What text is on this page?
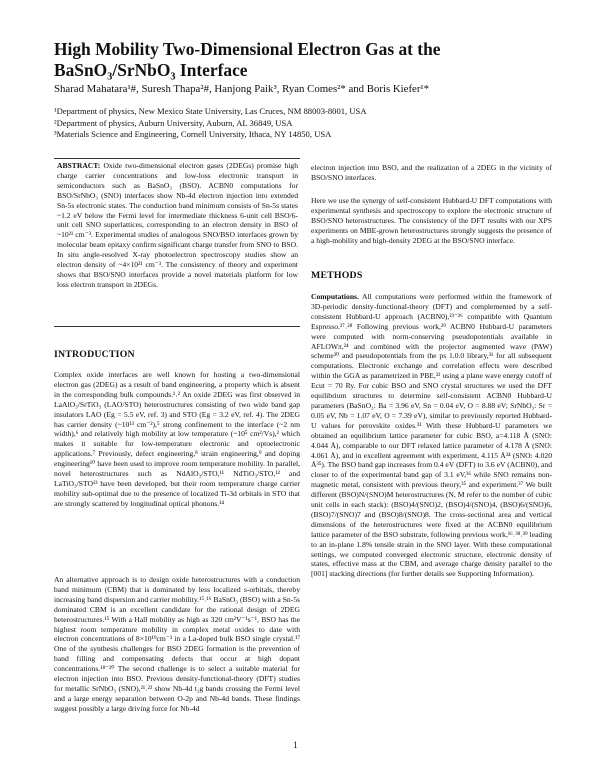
High Mobility Two-Dimensional Electron Gas at the BaSnO₃/SrNbO₃ Interface
Sharad Mahatara¹#, Suresh Thapa²#, Hanjong Paik³, Ryan Comes²* and Boris Kiefer¹*
¹Department of physics, New Mexico State University, Las Cruces, NM 88003-8001, USA
²Department of physics, Auburn University, Auburn, AL 36849, USA
³Materials Science and Engineering, Cornell University, Ithaca, NY 14850, USA
ABSTRACT: Oxide two-dimensional electron gases (2DEGs) promise high charge carrier concentrations and low-loss electronic transport in semiconductors such as BaSnO₃ (BSO). ACBN0 computations for BSO/SrNbO₃ (SNO) interfaces show Nb-4d electron injection into extended Sn-5s electronic states. The conduction band minimum consists of Sn-5s states ~1.2 eV below the Fermi level for intermediate thickness 6-unit cell BSO/6-unit cell SNO superlattices, corresponding to an electron density in BSO of ~10²¹ cm⁻³. Experimental studies of analogous SNO/BSO interfaces grown by molecular beam epitaxy confirm significant charge transfer from SNO to BSO. In situ angle-resolved X-ray photoelectron spectroscopy studies show an electron density of ~4×10²¹ cm⁻³. The consistency of theory and experiment shows that BSO/SNO interfaces provide a novel materials platform for low loss electron transport in 2DEGs.
INTRODUCTION
Complex oxide interfaces are well known for hosting a two-dimensional electron gas (2DEG) as a result of band engineering, a property which is absent in the corresponding bulk compounds.¹˒² An oxide 2DEG was first observed in LaAlO₃/SrTiO₃ (LAO/STO) heterostructures consisting of two wide band gap insulators LAO (Eg = 5.5 eV, ref. 3) and STO (Eg = 3.2 eV, ref. 4). The 2DEG has carrier density (~10¹³ cm⁻²),⁵ strong confinement to the interface (~2 nm width),⁶ and relatively high mobility at low temperature (~10⁵ cm²/Vs),² which makes it suitable for low-temperature electronic and optoelectronic applications.⁷ Previously, defect engineering,⁸ strain engineering,⁹ and doping engineering¹⁰ have been used to improve room temperature mobility. In parallel, novel heterostructures such as NdAlO₃/STO,¹¹ NdTiO₃/STO,¹² and LaTiO₃/STO¹³ have been developed, but their room temperature charge carrier mobility sub-optimal due to the presence of localized Ti-3d orbitals in STO that are strongly scattered by longitudinal optical phonons.¹⁴
An alternative approach is to design oxide heterostructures with a conduction band minimum (CBM) that is dominated by less localized s-orbitals, thereby increasing band dispersion and carrier mobility.¹⁵˒¹⁶ BaSnO₃ (BSO) with a Sn-5s dominated CBM is an excellent candidate for the rational design of 2DEG heterostructures.¹⁵ With a Hall mobility as high as 320 cm²V⁻¹s⁻¹, BSO has the highest room temperature mobility in complex metal oxides to date with electron concentrations of 8×10¹⁹cm⁻³ in a La-doped bulk BSO single crystal.¹⁷ One of the synthesis challenges for BSO 2DEG formation is the prevention of band filling and compensating defects that occur at high dopant concentrations.¹⁸⁻²⁰ The second challenge is to select a suitable material for electron injection into BSO. Previous density-functional-theory (DFT) studies for metallic SrNbO₃ (SNO),²¹˒²² show Nb-4d t₂g bands crossing the Fermi level and a large energy separation between O-2p and Nb-4d bands. These findings suggest possibly a large driving force for Nb-4d
electron injection into BSO, and the realization of a 2DEG in the vicinity of BSO/SNO interfaces.
Here we use the synergy of self-consistent Hubbard-U DFT computations with experimental synthesis and spectroscopy to explore the electronic structure of BSO/SNO heterostructures. The consistency of the DFT results with our XPS experiments on MBE-grown heterostructures strongly suggests the presence of a high-mobility and high-density 2DEG at the BSO/SNO interface.
METHODS
Computations. All computations were performed within the framework of 3D-periodic density-functional-theory (DFT) and complemented by a self-consistent Hubbard-U approach (ACBN0),²³⁻²⁶ compatible with Quantum Espresso.²⁷˒²⁸ Following previous work,²⁹ ACBN0 Hubbard-U parameters were computed with norm-conserving pseudopotentials available in AFLOWπ,²⁴ and combined with the projector augmented wave (PAW) scheme³⁰ and pseudopotentials from the ps 1.0.0 library,³¹ for all subsequent computations. Electronic exchange and correlation effects were described within the GGA as parametrized in PBE,³² using a plane wave energy cutoff of Ecut = 70 Ry. For cubic BSO and SNO crystal structures we used the DFT equilibrium structures to determine self-consistent ACBN0 Hubbard-U parameters (BaSnO₃: Ba = 3.96 eV, Sn = 0.04 eV, O = 8.88 eV; SrNbO₃: Sr = 0.05 eV, Nb = 1.07 eV, O = 7.39 eV), similar to previously reported Hubbard-U values for perovskite oxides.³³ With these Hubbard-U parameters we obtained an equilibrium lattice parameter for cubic BSO, a=4.118 Å (SNO: 4.044 Å), comparable to our DFT relaxed lattice parameter of 4.178 Å (SNO: 4.061 Å), and in excellent agreement with experiment, 4.115 Å³⁴ (SNO: 4.020 Å³⁵). The BSO band gap increases from 0.4 eV (DFT) to 3.6 eV (ACBN0), and closer to of the experimental band gap of 3.1 eV,³⁶ while SNO remains non-magnetic metal, consistent with previous theory,³⁵ and experiment.³⁷ We built different (BSO)N/(SNO)M heterostructures (N, M refer to the number of cubic unit cells in each stack): (BSO)4/(SNO)2, (BSO)4/(SNO)4, (BSO)6/(SNO)6, (BSO)7/(SNO)7 and (BSO)8/(SNO)8. The cross-sectional area and vertical dimensions of the heterostructures were fixed at the ACBN0 equilibrium lattice parameter of the BSO substrate, following previous work,¹⁶˒³⁸˒³⁹ leading to an in-plane 1.8% tensile strain in the SNO layer. With these computational settings, we computed converged electronic structure, electronic density of states, effective mass at the CBM, and average charge density parallel to the [001] stacking directions (for further details see Supporting Information).
1
